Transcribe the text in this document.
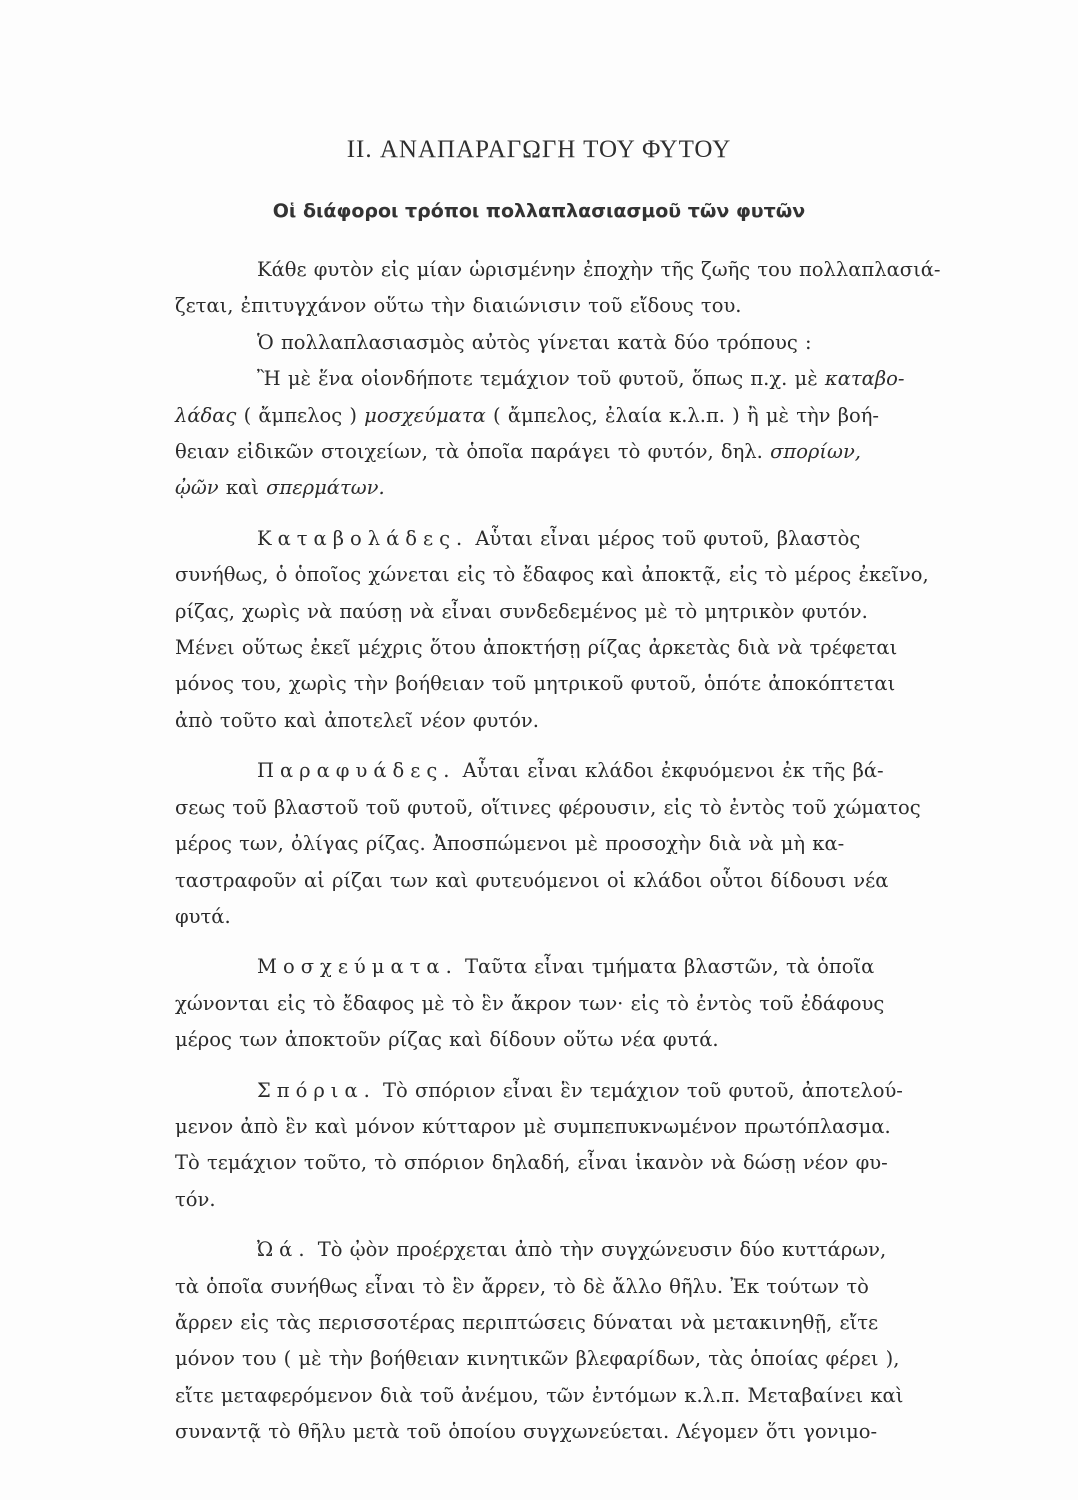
II. ΑΝΑΠΑΡΑΓΩΓΗ ΤΟΥ ΦΥΤΟΥ
Οἱ διάφοροι τρόποι πολλαπλασιασμοῦ τῶν φυτῶν

Κάθε φυτὸν εἰς μίαν ὡρισμένην ἐποχὴν τῆς ζωῆς του πολλαπλασιά-
ζεται, ἐπιτυγχάνον οὕτω τὴν διαιώνισιν τοῦ εἴδους του.
Ὁ πολλαπλασιασμὸς αὐτὸς γίνεται κατὰ δύο τρόπους :
Ἢ μὲ ἕνα οἱονδήποτε τεμάχιον τοῦ φυτοῦ, ὅπως π.χ. μὲ καταβο-
λάδας ( ἄμπελος ) μοσχεύματα ( ἄμπελος, ἐλαία κ.λ.π. ) ἢ μὲ τὴν βοή-
θειαν εἰδικῶν στοιχείων, τὰ ὁποῖα παράγει τὸ φυτόν, δηλ. σπορίων,
ᾠῶν καὶ σπερμάτων.

Καταβολάδες. Αὗται εἶναι μέρος τοῦ φυτοῦ, βλαστὸς
συνήθως, ὁ ὁποῖος χώνεται εἰς τὸ ἔδαφος καὶ ἀποκτᾷ, εἰς τὸ μέρος ἐκεῖνο,
ρίζας, χωρὶς νὰ παύσῃ νὰ εἶναι συνδεδεμένος μὲ τὸ μητρικὸν φυτόν.
Μένει οὕτως ἐκεῖ μέχρις ὅτου ἀποκτήσῃ ρίζας ἀρκετὰς διὰ νὰ τρέφεται
μόνος του, χωρὶς τὴν βοήθειαν τοῦ μητρικοῦ φυτοῦ, ὁπότε ἀποκόπτεται
ἀπὸ τοῦτο καὶ ἀποτελεῖ νέον φυτόν.

Παραφυάδες. Αὗται εἶναι κλάδοι ἐκφυόμενοι ἐκ τῆς βά-
σεως τοῦ βλαστοῦ τοῦ φυτοῦ, οἵτινες φέρουσιν, εἰς τὸ ἐντὸς τοῦ χώματος
μέρος των, ὀλίγας ρίζας. Ἀποσπώμενοι μὲ προσοχὴν διὰ νὰ μὴ κα-
ταστραφοῦν αἱ ρίζαι των καὶ φυτευόμενοι οἱ κλάδοι οὗτοι δίδουσι νέα
φυτά.

Μοσχεύματα. Ταῦτα εἶναι τμήματα βλαστῶν, τὰ ὁποῖα
χώνονται εἰς τὸ ἔδαφος μὲ τὸ ἓν ἄκρον των· εἰς τὸ ἐντὸς τοῦ ἐδάφους
μέρος των ἀποκτοῦν ρίζας καὶ δίδουν οὕτω νέα φυτά.

Σπόρια. Τὸ σπόριον εἶναι ἓν τεμάχιον τοῦ φυτοῦ, ἀποτελού-
μενον ἀπὸ ἓν καὶ μόνον κύτταρον μὲ συμπεπυκνωμένον πρωτόπλασμα.
Τὸ τεμάχιον τοῦτο, τὸ σπόριον δηλαδή, εἶναι ἱκανὸν νὰ δώσῃ νέον φυ-
τόν.

Ὠά. Τὸ ᾠὸν προέρχεται ἀπὸ τὴν συγχώνευσιν δύο κυττάρων,
τὰ ὁποῖα συνήθως εἶναι τὸ ἓν ἄρρεν, τὸ δὲ ἄλλο θῆλυ. Ἐκ τούτων τὸ
ἄρρεν εἰς τὰς περισσοτέρας περιπτώσεις δύναται νὰ μετακινηθῇ, εἴτε
μόνον του ( μὲ τὴν βοήθειαν κινητικῶν βλεφαρίδων, τὰς ὁποίας φέρει ),
εἴτε μεταφερόμενον διὰ τοῦ ἀνέμου, τῶν ἐντόμων κ.λ.π. Μεταβαίνει καὶ
συναντᾷ τὸ θῆλυ μετὰ τοῦ ὁποίου συγχωνεύεται. Λέγομεν ὅτι γονιμο-
